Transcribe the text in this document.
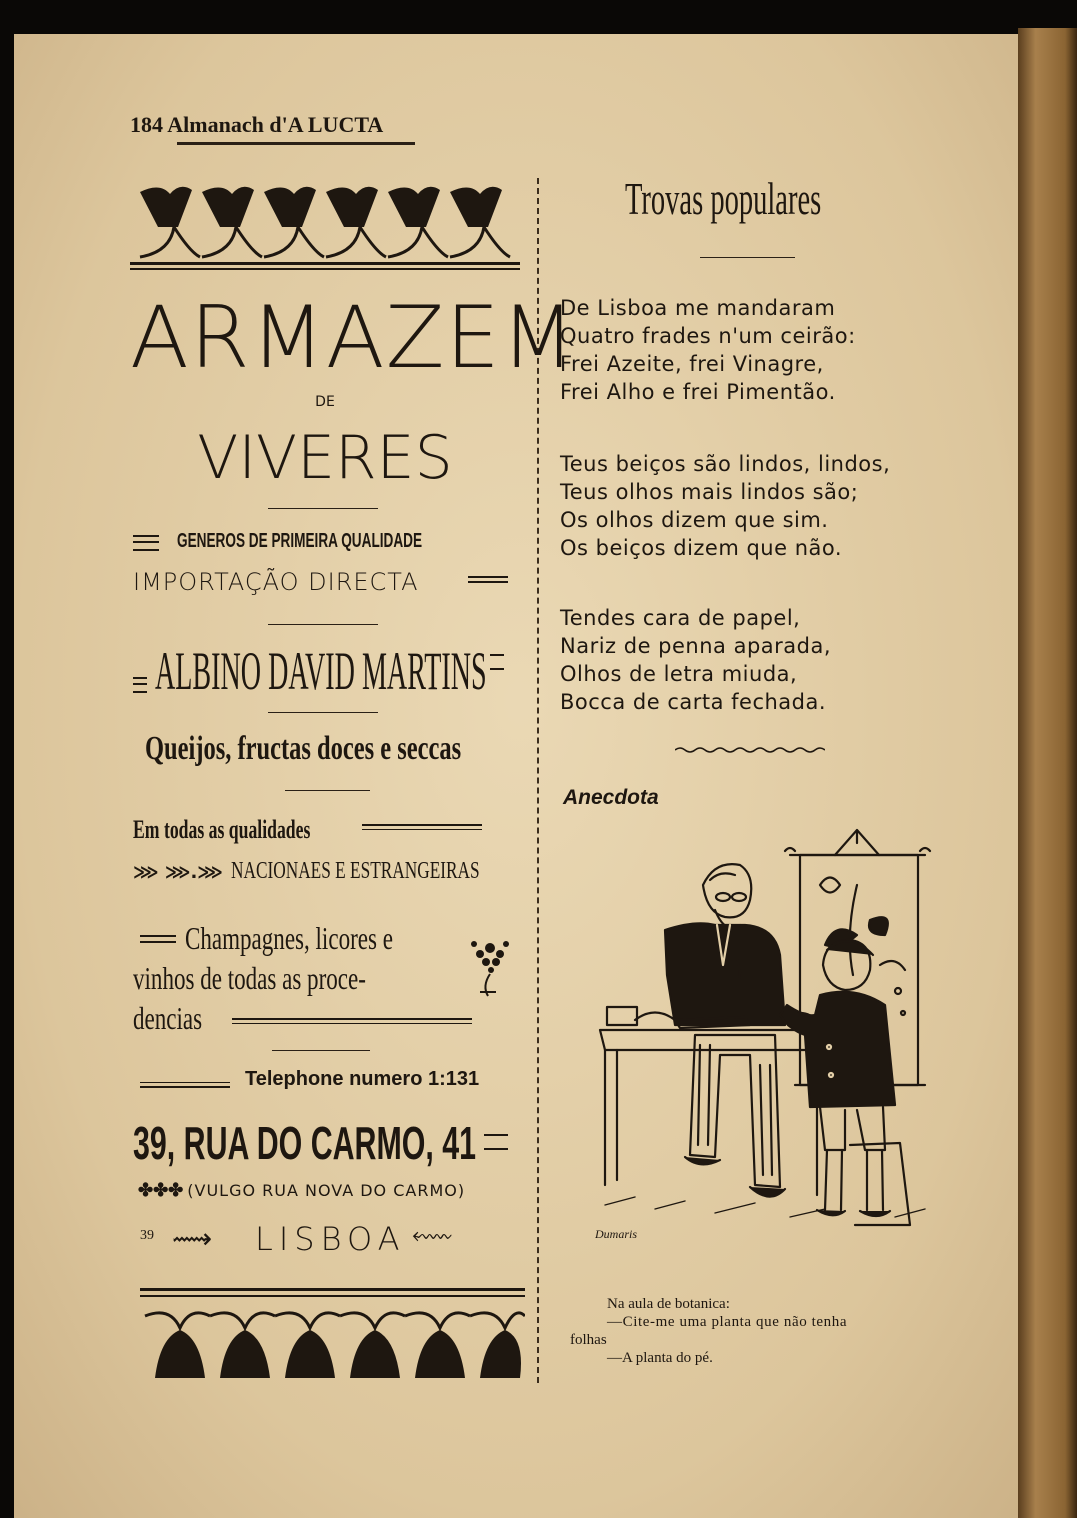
184 Almanach d'A LUCTA
ARMAZEM
DE
VIVERES
GENEROS DE PRIMEIRA QUALIDADE
IMPORTAÇÃO DIRECTA
ALBINO DAVID MARTINS
Queijos, fructas doces e seccas
Em todas as qualidades
⋙ ⋙.⋙ NACIONAES E ESTRANGEIRAS
Champagnes, licores e
vinhos de todas as proce-
dencias
Telephone numero 1:131
39, RUA DO CARMO, 41
✤✤✤ (VULGO RUA NOVA DO CARMO)
39 ⟿ LISBOA ⬳
Trovas populares
De Lisboa me mandaram
Quatro frades n'um ceirão:
Frei Azeite, frei Vinagre,
Frei Alho e frei Pimentão.
Teus beiços são lindos, lindos,
Teus olhos mais lindos são;
Os olhos dizem que sim.
Os beiços dizem que não.
Tendes cara de papel,
Nariz de penna aparada,
Olhos de letra miuda,
Bocca de carta fechada.
Anecdota
Dumaris
Na aula de botanica:
—Cite-me uma planta que não tenha
folhas
—A planta do pé.
